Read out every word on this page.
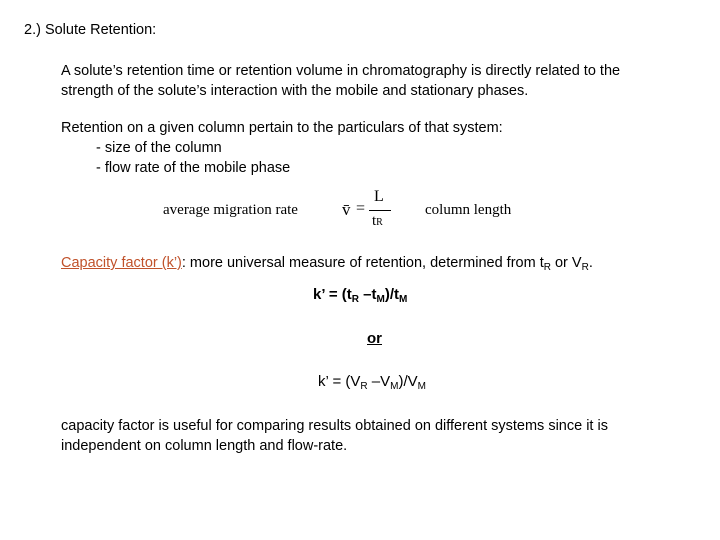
2.) Solute Retention:
A solute’s retention time or retention volume in chromatography is directly related to the
strength of the solute’s interaction with the mobile and stationary phases.
Retention on a given column pertain to the particulars of that system:
- size of the column
- flow rate of the mobile phase
average migration rate	v̄ =
L
tR
column length
Capacity factor (k’): more universal measure of retention, determined from $t_R$ or $V_R$.
k’ = ($t_R$ $-t_M)/t_M$
or
k’ = ($V_R$ $-V_M)/V_M$
capacity factor is useful for comparing results obtained on different systems since it is
independent on column length and flow-rate.
